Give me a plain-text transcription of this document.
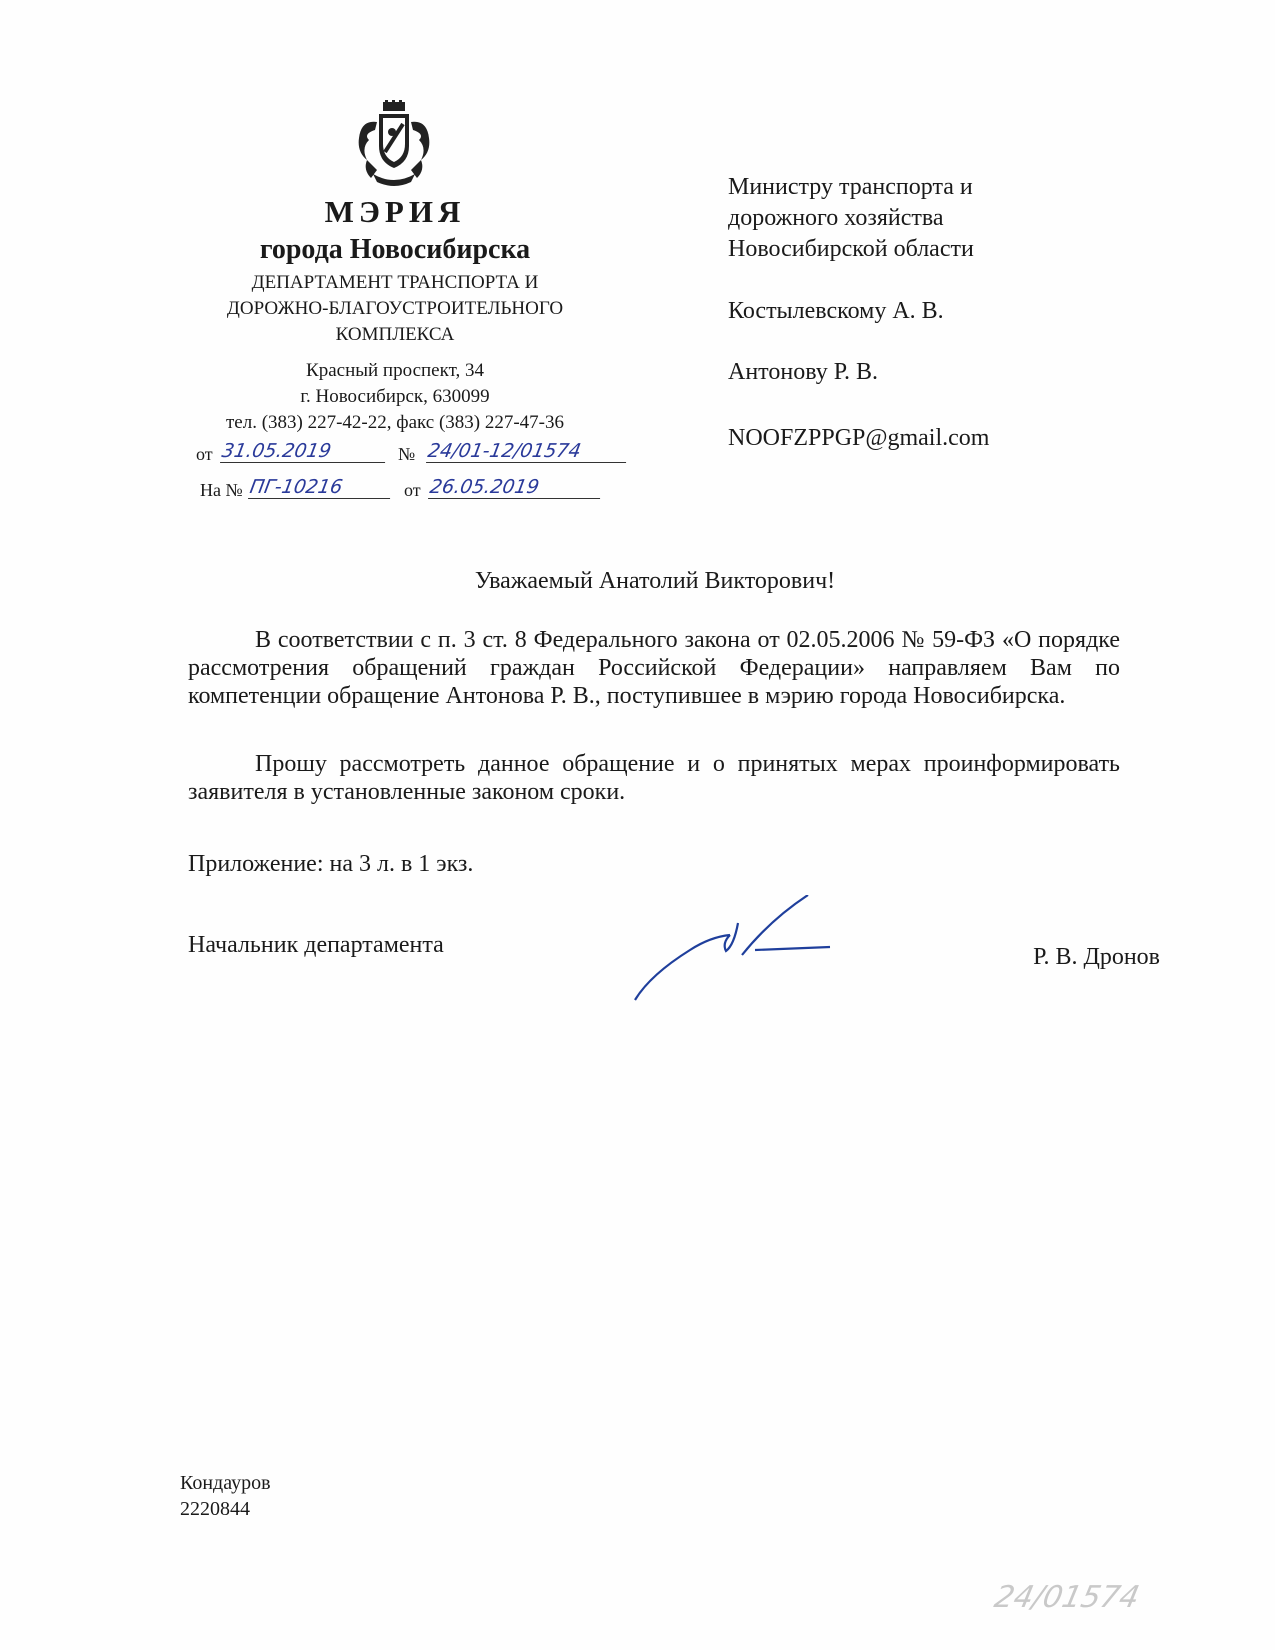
МЭРИЯ
города Новосибирска
ДЕПАРТАМЕНТ ТРАНСПОРТА И
ДОРОЖНО-БЛАГОУСТРОИТЕЛЬНОГО
КОМПЛЕКСА
Красный проспект, 34
г. Новосибирск, 630099
тел. (383) 227-42-22, факс (383) 227-47-36
от 31.05.2019	№ 24/01-12/01574
На № ПГ-10216	от 26.05.2019
Министру транспорта и
дорожного хозяйства
Новосибирской области
Костылевскому А. В.
Антонову Р. В.
NOOFZPPGP@gmail.com
Уважаемый Анатолий Викторович!
В соответствии с п. 3 ст. 8 Федерального закона от 02.05.2006 № 59-ФЗ «О порядке рассмотрения обращений граждан Российской Федерации» направляем Вам по компетенции обращение Антонова Р. В., поступившее в мэрию города Новосибирска.
Прошу рассмотреть данное обращение и о принятых мерах проинформировать заявителя в установленные законом сроки.
Приложение: на 3 л. в 1 экз.
Начальник департамента	Р. В. Дронов
Кондауров
2220844
24/01574
